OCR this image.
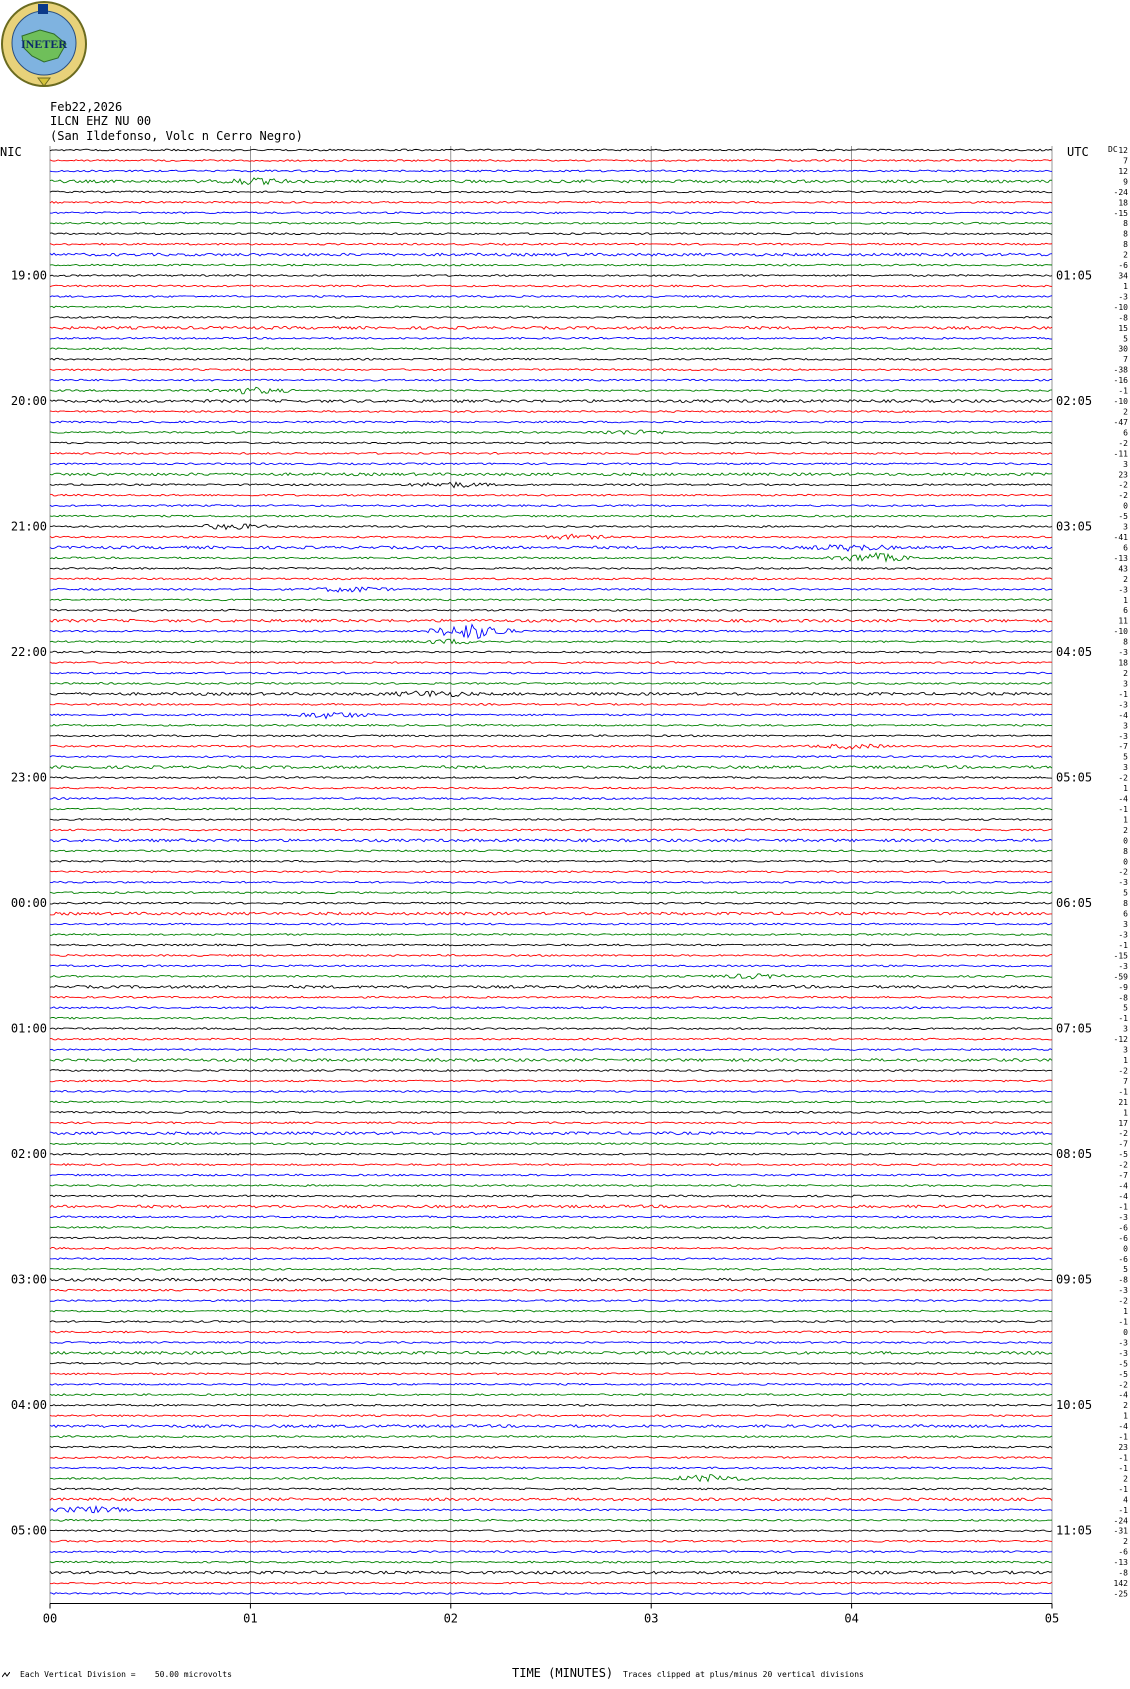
INETER
Feb22,2026
ILCN EHZ NU 00
(San Ildefonso, Volc n Cerro Negro)
NIC	UTC DC
00	01	02	03	04	05
12
7
12
9
-24
18
-15
8
8
8
2
-6
34
1
-3
-10
-8
15
5
30
7
-38
-16
-1
-10
2
-47
6
-2
-11
3
23
-2
-2
0
-5
3
-41
6
-13
43
2
-3
1
6
11
-10
8
-3
18
2
3
-1
-3
-4
3
-3
-7
5
3
-2
1
-4
-1
1
2
0
8
0
-2
-3
5
8
6
3
-3
-1
-15
-3
-59
-9
-8
5
-1
3
-12
3
1
-2
7
-1
21
1
17
-2
-7
-5
-2
-7
-4
-4
-1
-3
-6
-6
0
-6
5
-8
-3
-2
1
-1
0
-3
-3
-5
-5
-2
-4
2
1
-4
-1
23
-1
-1
2
-1
4
-1
-24
-31
2
-6
-13
-8
142
-25
19:00	01:05
20:00	02:05
21:00	03:05
22:00	04:05
23:00	05:05
00:00	06:05
01:00	07:05
02:00	08:05
03:00	09:05
04:00	10:05
05:00	11:05
TIME (MINUTES)
Each Vertical Division =    50.00 microvolts	Traces clipped at plus/minus 20 vertical divisions
